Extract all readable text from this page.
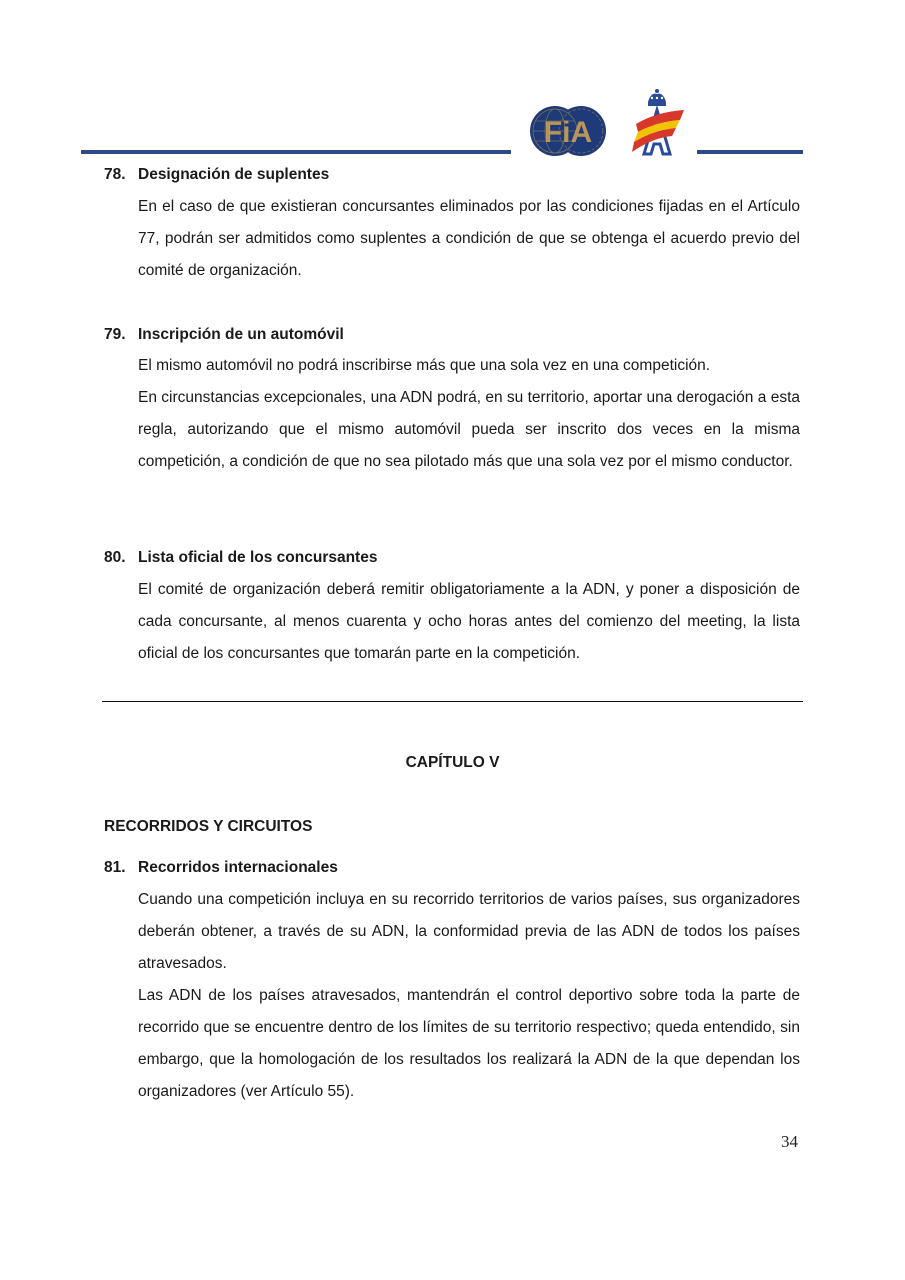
FiA
78. Designación de suplentes
En el caso de que existieran concursantes eliminados por las condiciones fijadas en el Artículo 77, podrán ser admitidos como suplentes a condición de que se obtenga el acuerdo previo del comité de organización.
79. Inscripción de un automóvil
El mismo automóvil no podrá inscribirse más que una sola vez en una competición.
En circunstancias excepcionales, una ADN podrá, en su territorio, aportar una derogación a esta regla, autorizando que el mismo automóvil pueda ser inscrito dos veces en la misma competición, a condición de que no sea pilotado más que una sola vez por el mismo conductor.
80. Lista oficial de los concursantes
El comité de organización deberá remitir obligatoriamente a la ADN, y poner a disposición de cada concursante, al menos cuarenta y ocho horas antes del comienzo del meeting, la lista oficial de los concursantes que tomarán parte en la competición.
CAPÍTULO V
RECORRIDOS Y CIRCUITOS
81. Recorridos internacionales
Cuando una competición incluya en su recorrido territorios de varios países, sus organizadores deberán obtener, a través de su ADN, la conformidad previa de las ADN de todos los países atravesados.
Las ADN de los países atravesados, mantendrán el control deportivo sobre toda la parte de recorrido que se encuentre dentro de los límites de su territorio respectivo; queda entendido, sin embargo, que la homologación de los resultados los realizará la ADN de la que dependan los organizadores (ver Artículo 55).
34
